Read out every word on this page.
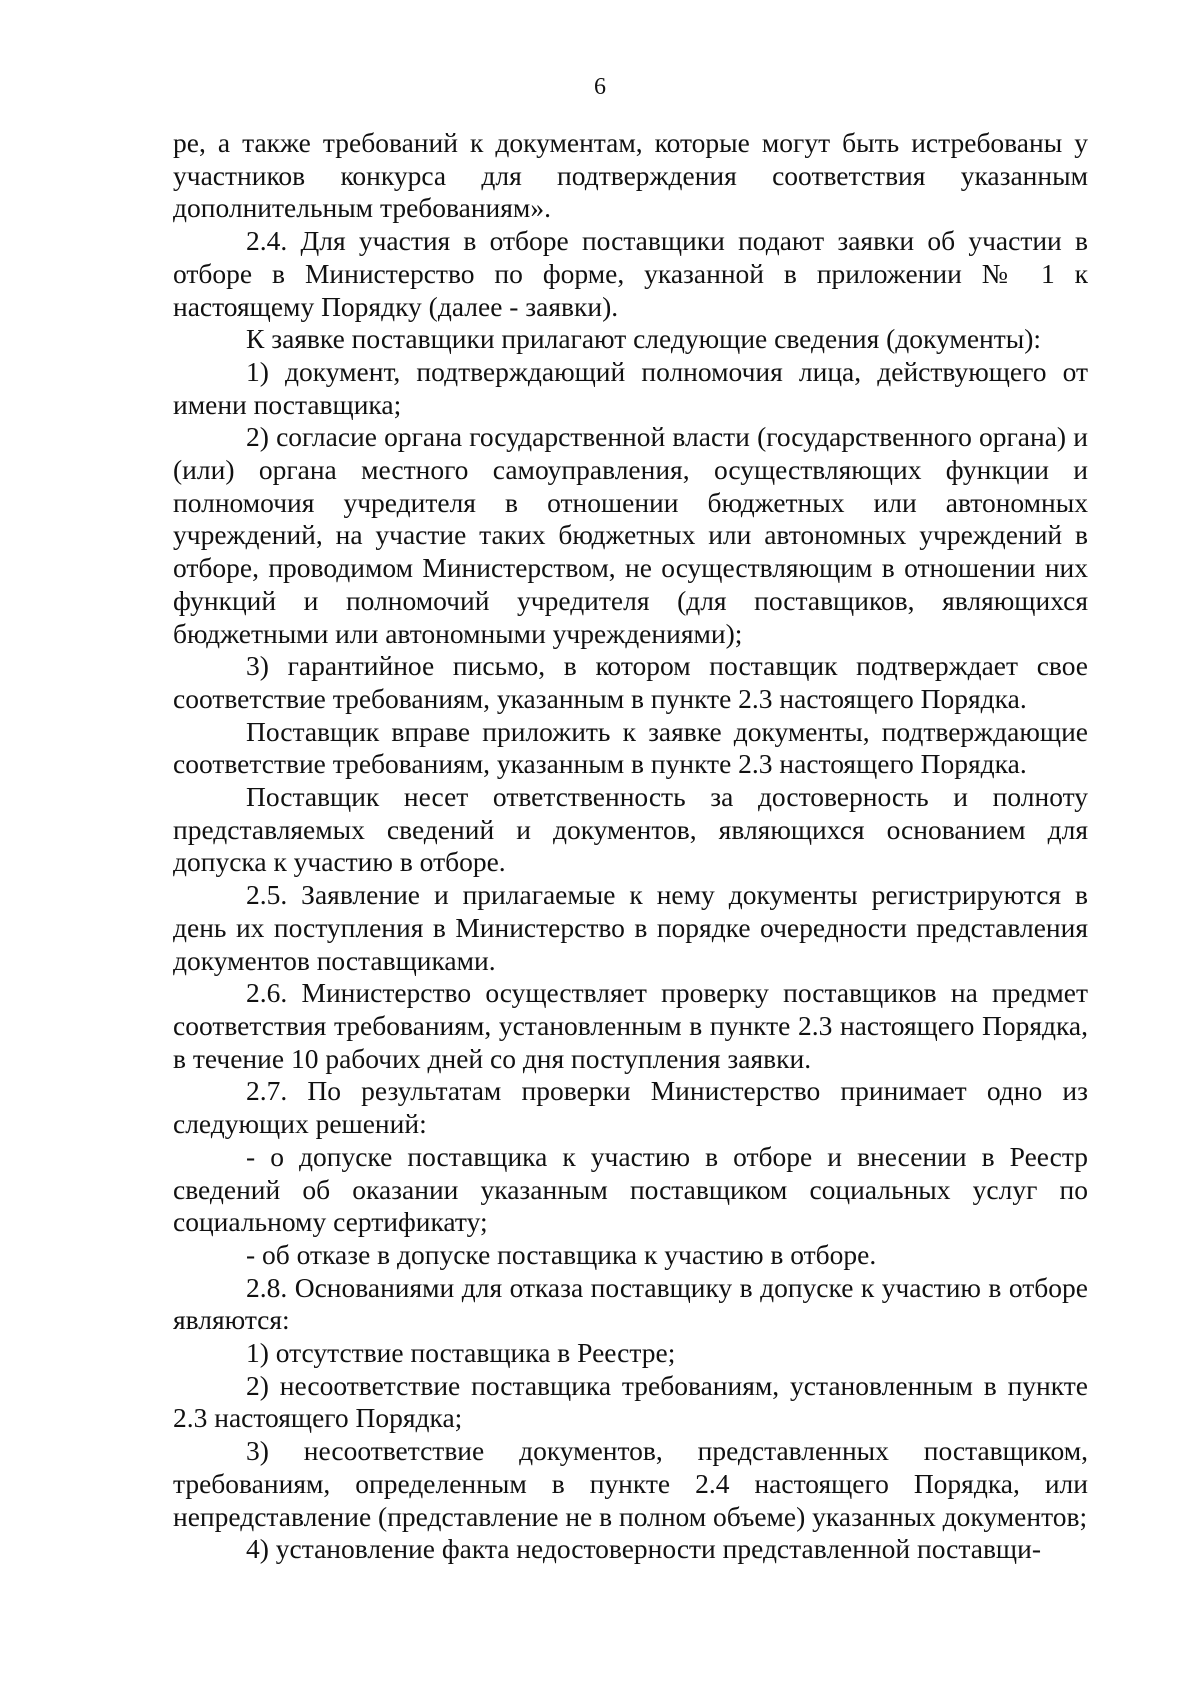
6

ре, а также требований к документам, которые могут быть истребованы у участников конкурса для подтверждения соответствия указанным дополнительным требованиям».

2.4. Для участия в отборе поставщики подают заявки об участии в отборе в Министерство по форме, указанной в приложении № 1 к настоящему Порядку (далее - заявки).

К заявке поставщики прилагают следующие сведения (документы):

1) документ, подтверждающий полномочия лица, действующего от имени поставщика;

2) согласие органа государственной власти (государственного органа) и (или) органа местного самоуправления, осуществляющих функции и полномочия учредителя в отношении бюджетных или автономных учреждений, на участие таких бюджетных или автономных учреждений в отборе, проводимом Министерством, не осуществляющим в отношении них функций и полномочий учредителя (для поставщиков, являющихся бюджетными или автономными учреждениями);

3) гарантийное письмо, в котором поставщик подтверждает свое соответствие требованиям, указанным в пункте 2.3 настоящего Порядка.

Поставщик вправе приложить к заявке документы, подтверждающие соответствие требованиям, указанным в пункте 2.3 настоящего Порядка.

Поставщик несет ответственность за достоверность и полноту представляемых сведений и документов, являющихся основанием для допуска к участию в отборе.

2.5. Заявление и прилагаемые к нему документы регистрируются в день их поступления в Министерство в порядке очередности представления документов поставщиками.

2.6. Министерство осуществляет проверку поставщиков на предмет соответствия требованиям, установленным в пункте 2.3 настоящего Порядка, в течение 10 рабочих дней со дня поступления заявки.

2.7. По результатам проверки Министерство принимает одно из следующих решений:

- о допуске поставщика к участию в отборе и внесении в Реестр сведений об оказании указанным поставщиком социальных услуг по социальному сертификату;

- об отказе в допуске поставщика к участию в отборе.

2.8. Основаниями для отказа поставщику в допуске к участию в отборе являются:

1) отсутствие поставщика в Реестре;

2) несоответствие поставщика требованиям, установленным в пункте 2.3 настоящего Порядка;

3) несоответствие документов, представленных поставщиком, требованиям, определенным в пункте 2.4 настоящего Порядка, или непредставление (представление не в полном объеме) указанных документов;

4) установление факта недостоверности представленной поставщи-
